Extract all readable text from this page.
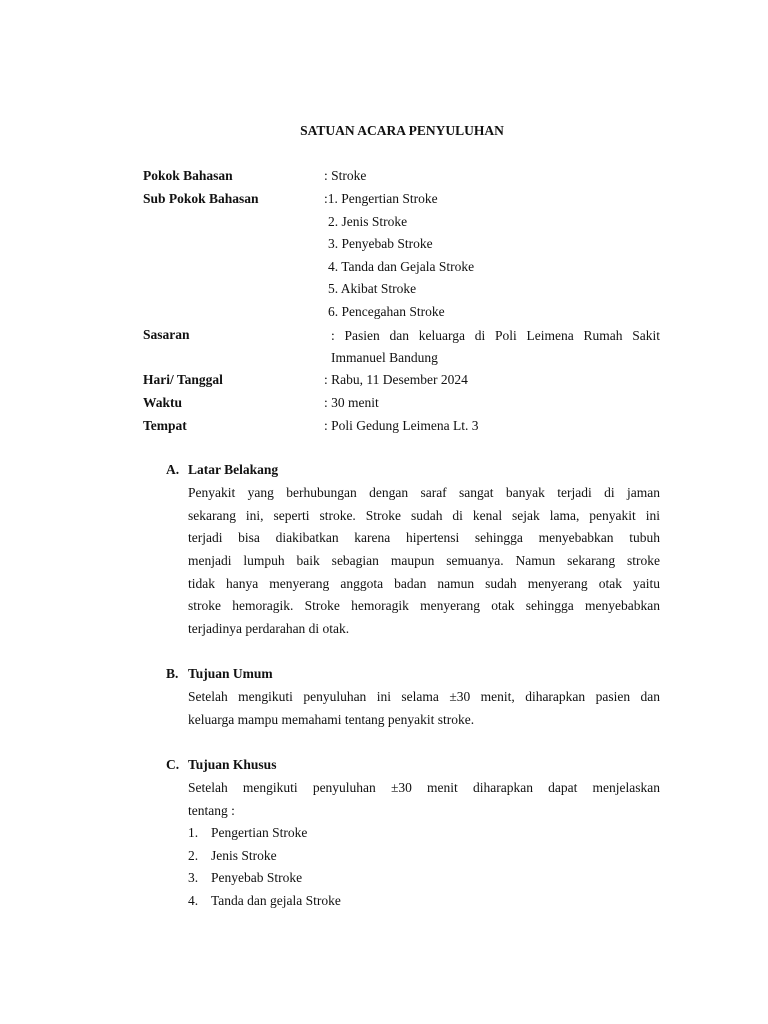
SATUAN ACARA PENYULUHAN
Pokok Bahasan	: Stroke
Sub Pokok Bahasan	:1. Pengertian Stroke
2. Jenis Stroke
3. Penyebab Stroke
4. Tanda dan Gejala Stroke
5. Akibat Stroke
6. Pencegahan Stroke
Sasaran	: Pasien dan keluarga di Poli Leimena Rumah Sakit
Immanuel Bandung
Hari/ Tanggal	: Rabu, 11 Desember 2024
Waktu	: 30 menit
Tempat	: Poli Gedung Leimena Lt. 3
A. Latar Belakang
Penyakit yang berhubungan dengan saraf sangat banyak terjadi di jaman
sekarang ini, seperti stroke. Stroke sudah di kenal sejak lama, penyakit ini
terjadi bisa diakibatkan karena hipertensi sehingga menyebabkan tubuh
menjadi lumpuh baik sebagian maupun semuanya. Namun sekarang stroke
tidak hanya menyerang anggota badan namun sudah menyerang otak yaitu
stroke hemoragik. Stroke hemoragik menyerang otak sehingga menyebabkan
terjadinya perdarahan di otak.
B. Tujuan Umum
Setelah mengikuti penyuluhan ini selama ±30 menit, diharapkan pasien dan
keluarga mampu memahami tentang penyakit stroke.
C. Tujuan Khusus
Setelah mengikuti penyuluhan ±30 menit diharapkan dapat menjelaskan
tentang :
1. Pengertian Stroke
2. Jenis Stroke
3. Penyebab Stroke
4. Tanda dan gejala Stroke
